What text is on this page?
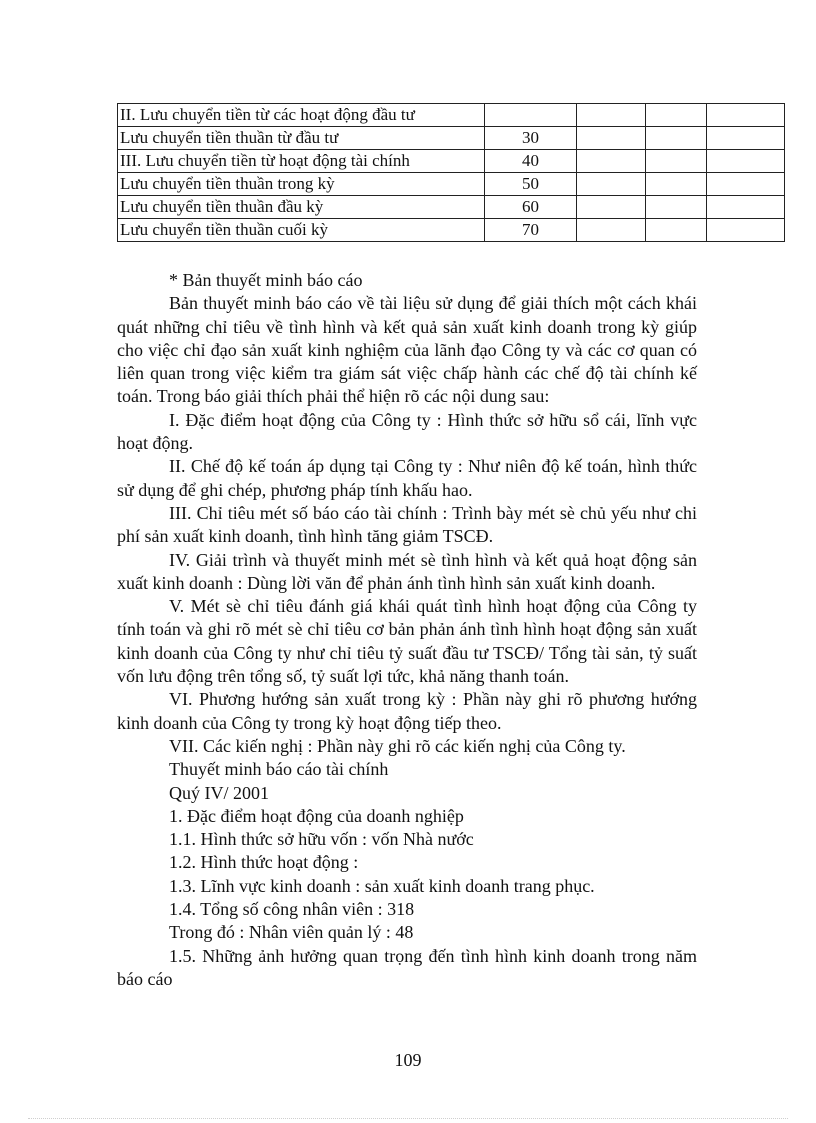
II. Lưu chuyển tiền từ các hoạt động đầu tư				
Lưu chuyển tiền thuần từ đầu tư	30			
III. Lưu chuyển tiền từ hoạt động tài chính	40			
Lưu chuyển tiền thuần trong kỳ	50			
Lưu chuyển tiền thuần đầu kỳ	60			
Lưu chuyển tiền thuần cuối kỳ	70			

* Bản thuyết minh báo cáo

Bản thuyết minh báo cáo về tài liệu sử dụng để giải thích một cách khái quát những chỉ tiêu về tình hình và kết quả sản xuất kinh doanh trong kỳ giúp cho việc chỉ đạo sản xuất kinh nghiệm của lãnh đạo Công ty và các cơ quan có liên quan trong việc kiểm tra giám sát việc chấp hành các chế độ tài chính kế toán. Trong báo giải thích phải thể hiện rõ các nội dung sau:

I. Đặc điểm hoạt động của Công ty : Hình thức sở hữu sổ cái, lĩnh vực hoạt động.

II. Chế độ kế toán áp dụng tại Công ty : Như niên độ kế toán, hình thức sử dụng để ghi chép, phương pháp tính khấu hao.

III. Chỉ tiêu mét số báo cáo tài chính : Trình bày mét sè chủ yếu như chi phí sản xuất kinh doanh, tình hình tăng giảm TSCĐ.

IV. Giải trình và thuyết minh mét sè tình hình và kết quả hoạt động sản xuất kinh doanh : Dùng lời văn để phản ánh tình hình sản xuất kinh doanh.

V. Mét sè chỉ tiêu đánh giá khái quát tình hình hoạt động của Công ty tính toán và ghi rõ mét sè chỉ tiêu cơ bản phản ánh tình hình hoạt động sản xuất kinh doanh của Công ty như chỉ tiêu tỷ suất đầu tư TSCĐ/ Tổng tài sản, tỷ suất vốn lưu động trên tổng số, tỷ suất lợi tức, khả năng thanh toán.

VI. Phương hướng sản xuất trong kỳ : Phần này ghi rõ phương hướng kinh doanh của Công ty trong kỳ hoạt động tiếp theo.

VII. Các kiến nghị : Phần này ghi rõ các kiến nghị của Công ty.

Thuyết minh báo cáo tài chính

Quý IV/ 2001

1. Đặc điểm hoạt động của doanh nghiệp

1.1. Hình thức sở hữu vốn : vốn Nhà nước

1.2. Hình thức hoạt động :

1.3. Lĩnh vực kinh doanh : sản xuất kinh doanh trang phục.

1.4. Tổng số công nhân viên : 318

Trong đó : Nhân viên quản lý : 48

1.5. Những ảnh hưởng quan trọng đến tình hình kinh doanh trong năm báo cáo

109
